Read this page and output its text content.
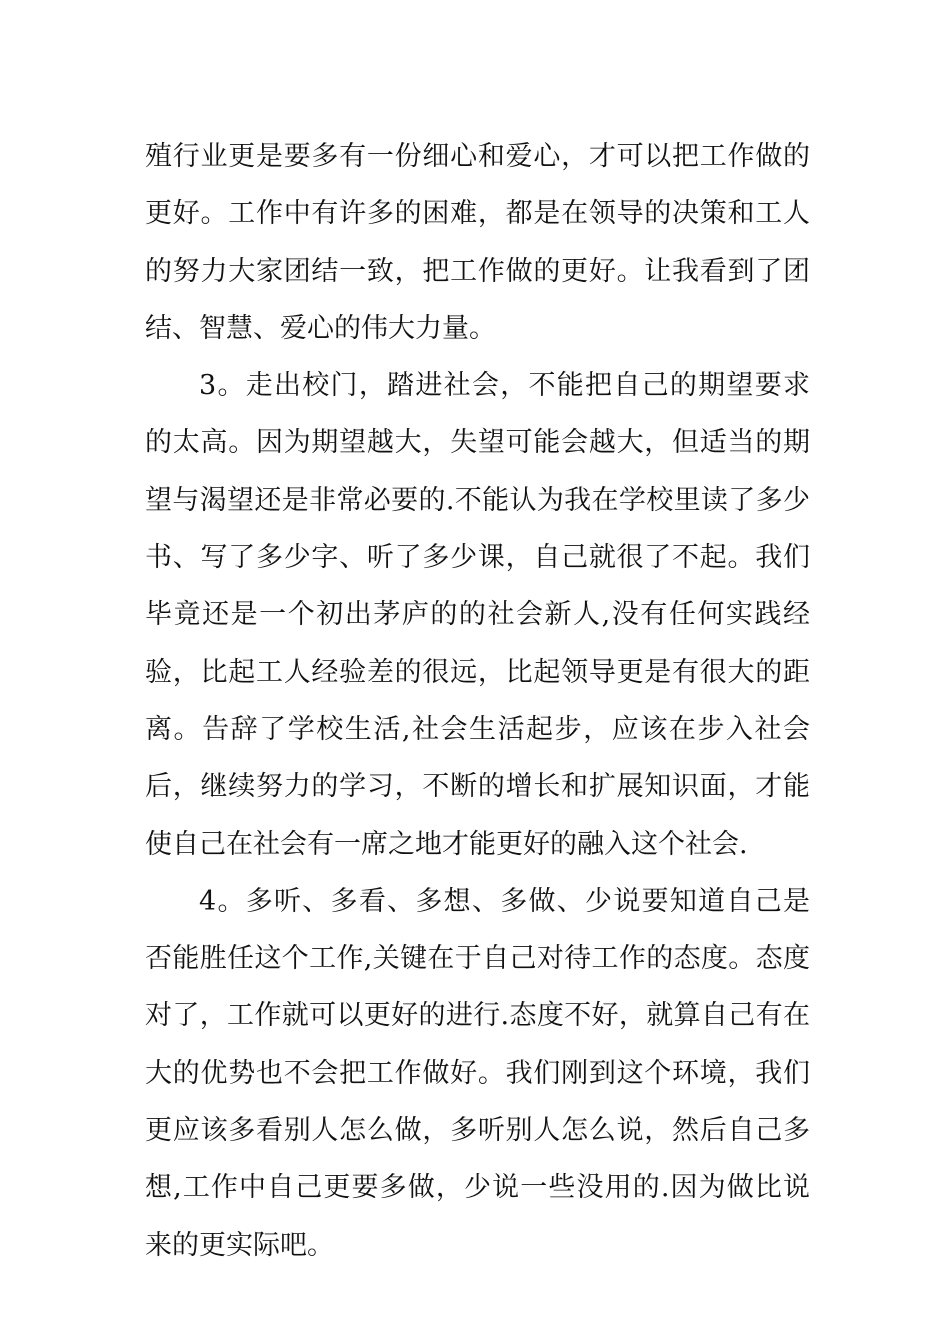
殖行业更是要多有一份细心和爱心，才可以把工作做的更好。工作中有许多的困难，都是在领导的决策和工人的努力大家团结一致，把工作做的更好。让我看到了团结、智慧、爱心的伟大力量。

3。走出校门，踏进社会，不能把自己的期望要求的太高。因为期望越大，失望可能会越大，但适当的期望与渴望还是非常必要的.不能认为我在学校里读了多少书、写了多少字、听了多少课，自己就很了不起。我们毕竟还是一个初出茅庐的的社会新人,没有任何实践经验，比起工人经验差的很远，比起领导更是有很大的距离。告辞了学校生活,社会生活起步，应该在步入社会后，继续努力的学习，不断的增长和扩展知识面，才能使自己在社会有一席之地才能更好的融入这个社会.

4。多听、多看、多想、多做、少说要知道自己是否能胜任这个工作,关键在于自己对待工作的态度。态度对了，工作就可以更好的进行.态度不好，就算自己有在大的优势也不会把工作做好。我们刚到这个环境，我们更应该多看别人怎么做，多听别人怎么说，然后自己多想,工作中自己更要多做，少说一些没用的.因为做比说来的更实际吧。
